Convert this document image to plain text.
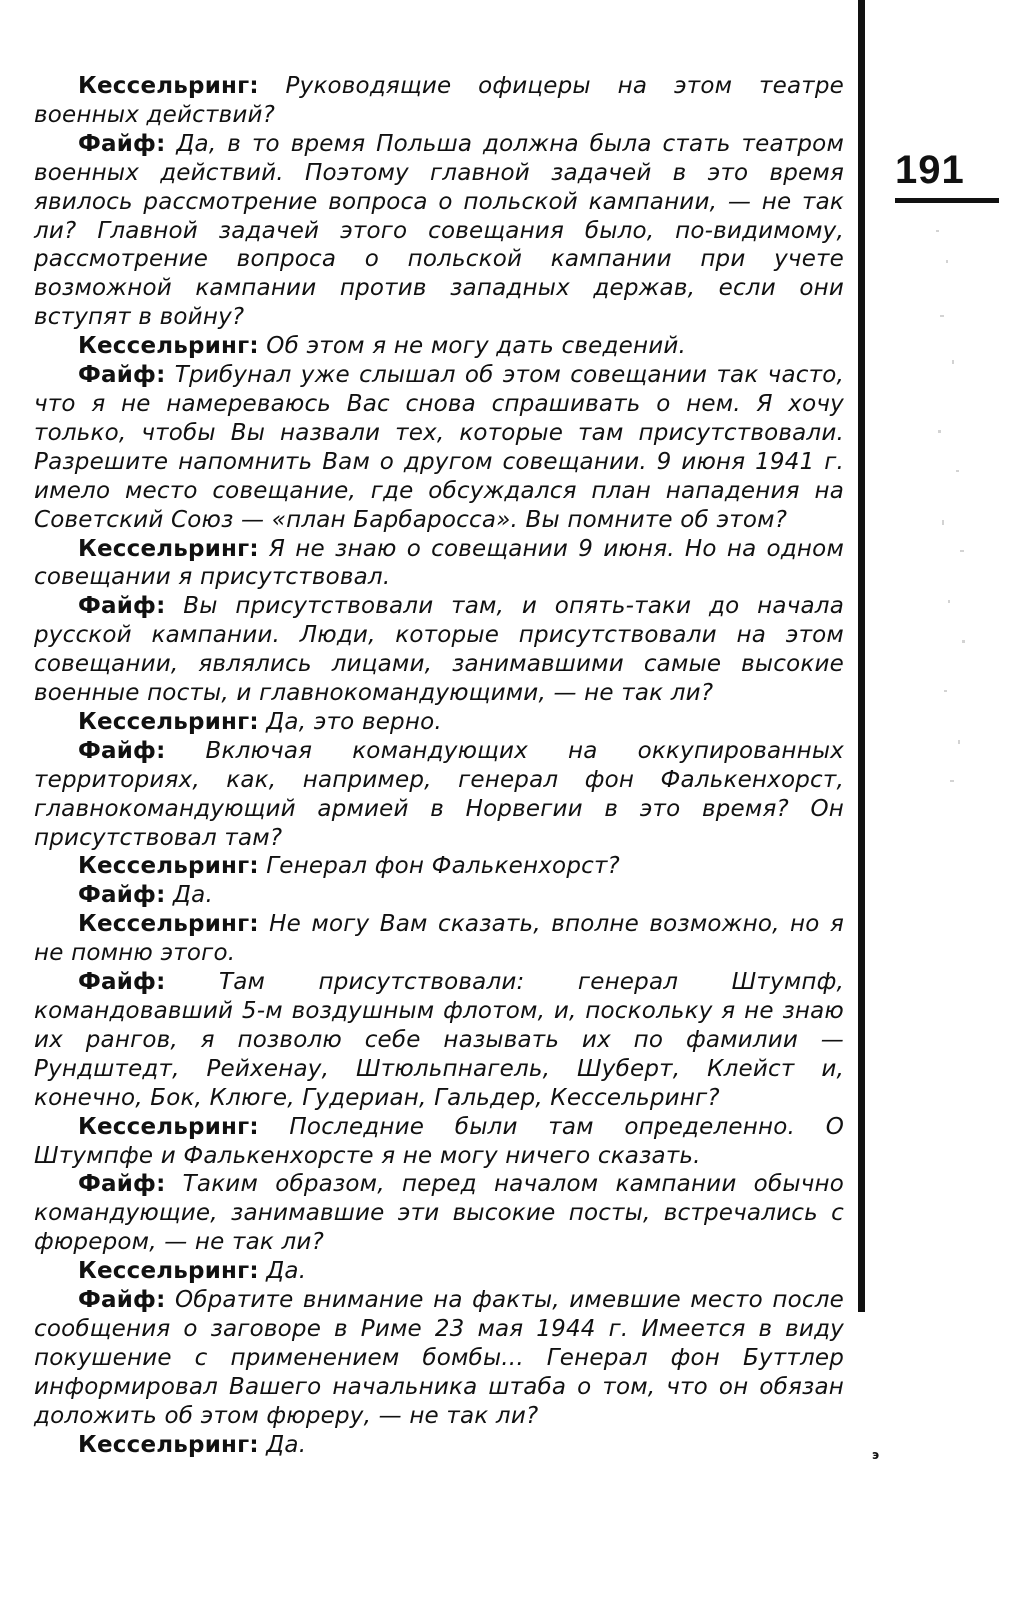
Кессельринг: Руководящие офицеры на этом театре военных действий?

Файф: Да, в то время Польша должна была стать театром военных действий. Поэтому главной задачей в это время явилось рассмотрение вопроса о польской кампании, — не так ли? Главной задачей этого совещания было, по-видимому, рассмотрение вопроса о польской кампании при учете возможной кампании против западных держав, если они вступят в войну?

Кессельринг: Об этом я не могу дать сведений.

Файф: Трибунал уже слышал об этом совещании так часто, что я не намереваюсь Вас снова спрашивать о нем. Я хочу только, чтобы Вы назвали тех, которые там присутствовали. Разрешите напомнить Вам о другом совещании. 9 июня 1941 г. имело место совещание, где обсуждался план нападения на Советский Союз — «план Барбаросса». Вы помните об этом?

Кессельринг: Я не знаю о совещании 9 июня. Но на одном совещании я присутствовал.

Файф: Вы присутствовали там, и опять-таки до начала русской кампании. Люди, которые присутствовали на этом совещании, являлись лицами, занимавшими самые высокие военные посты, и главнокомандующими, — не так ли?

Кессельринг: Да, это верно.

Файф: Включая командующих на оккупированных территориях, как, например, генерал фон Фалькенхорст, главнокомандующий армией в Норвегии в это время? Он присутствовал там?

Кессельринг: Генерал фон Фалькенхорст?

Файф: Да.

Кессельринг: Не могу Вам сказать, вполне возможно, но я не помню этого.

Файф: Там присутствовали: генерал Штумпф, командовавший 5-м воздушным флотом, и, поскольку я не знаю их рангов, я позволю себе называть их по фамилии — Рундштедт, Рейхенау, Штюльпнагель, Шуберт, Клейст и, конечно, Бок, Клюге, Гудериан, Гальдер, Кессельринг?

Кессельринг: Последние были там определенно. О Штумпфе и Фалькенхорсте я не могу ничего сказать.

Файф: Таким образом, перед началом кампании обычно командующие, занимавшие эти высокие посты, встречались с фюрером, — не так ли?

Кессельринг: Да.

Файф: Обратите внимание на факты, имевшие место после сообщения о заговоре в Риме 23 мая 1944 г. Имеется в виду покушение с применением бомбы... Генерал фон Буттлер информировал Вашего начальника штаба о том, что он обязан доложить об этом фюреру, — не так ли?

Кессельринг: Да.

191
э
